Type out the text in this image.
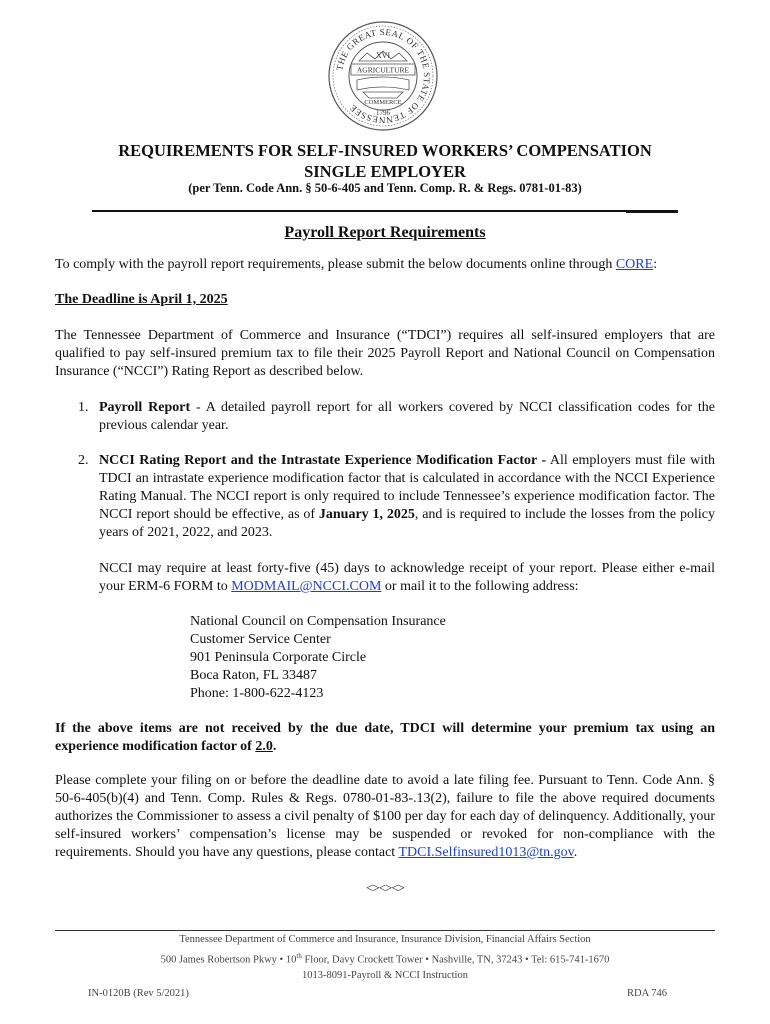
THE GREAT SEAL OF THE STATE OF TENNESSEE
XVI
AGRICULTURE
COMMERCE
1796
REQUIREMENTS FOR SELF-INSURED WORKERS’ COMPENSATION
SINGLE EMPLOYER
(per Tenn. Code Ann. § 50-6-405 and Tenn. Comp. R. & Regs. 0781-01-83)
Payroll Report Requirements
To comply with the payroll report requirements, please submit the below documents online through CORE:
The Deadline is April 1, 2025
The Tennessee Department of Commerce and Insurance (“TDCI”) requires all self-insured employers that are qualified to pay self-insured premium tax to file their 2025 Payroll Report and National Council on Compensation Insurance (“NCCI”) Rating Report as described below.
1. Payroll Report - A detailed payroll report for all workers covered by NCCI classification codes for the previous calendar year.
2. NCCI Rating Report and the Intrastate Experience Modification Factor - All employers must file with TDCI an intrastate experience modification factor that is calculated in accordance with the NCCI Experience Rating Manual. The NCCI report is only required to include Tennessee’s experience modification factor. The NCCI report should be effective, as of January 1, 2025, and is required to include the losses from the policy years of 2021, 2022, and 2023.
NCCI may require at least forty-five (45) days to acknowledge receipt of your report. Please either e-mail your ERM-6 FORM to MODMAIL@NCCI.COM or mail it to the following address:
National Council on Compensation Insurance
Customer Service Center
901 Peninsula Corporate Circle
Boca Raton, FL 33487
Phone: 1-800-622-4123
If the above items are not received by the due date, TDCI will determine your premium tax using an experience modification factor of 2.0.
Please complete your filing on or before the deadline date to avoid a late filing fee. Pursuant to Tenn. Code Ann. § 50-6-405(b)(4) and Tenn. Comp. Rules & Regs. 0780-01-83-.13(2), failure to file the above required documents authorizes the Commissioner to assess a civil penalty of $100 per day for each day of delinquency. Additionally, your self-insured workers’ compensation’s license may be suspended or revoked for non-compliance with the requirements. Should you have any questions, please contact TDCI.Selfinsured1013@tn.gov.
<><><>
Tennessee Department of Commerce and Insurance, Insurance Division, Financial Affairs Section
500 James Robertson Pkwy • 10th Floor, Davy Crockett Tower • Nashville, TN, 37243 • Tel: 615-741-1670
1013-8091-Payroll & NCCI Instruction
IN-0120B (Rev 5/2021)	RDA 746
